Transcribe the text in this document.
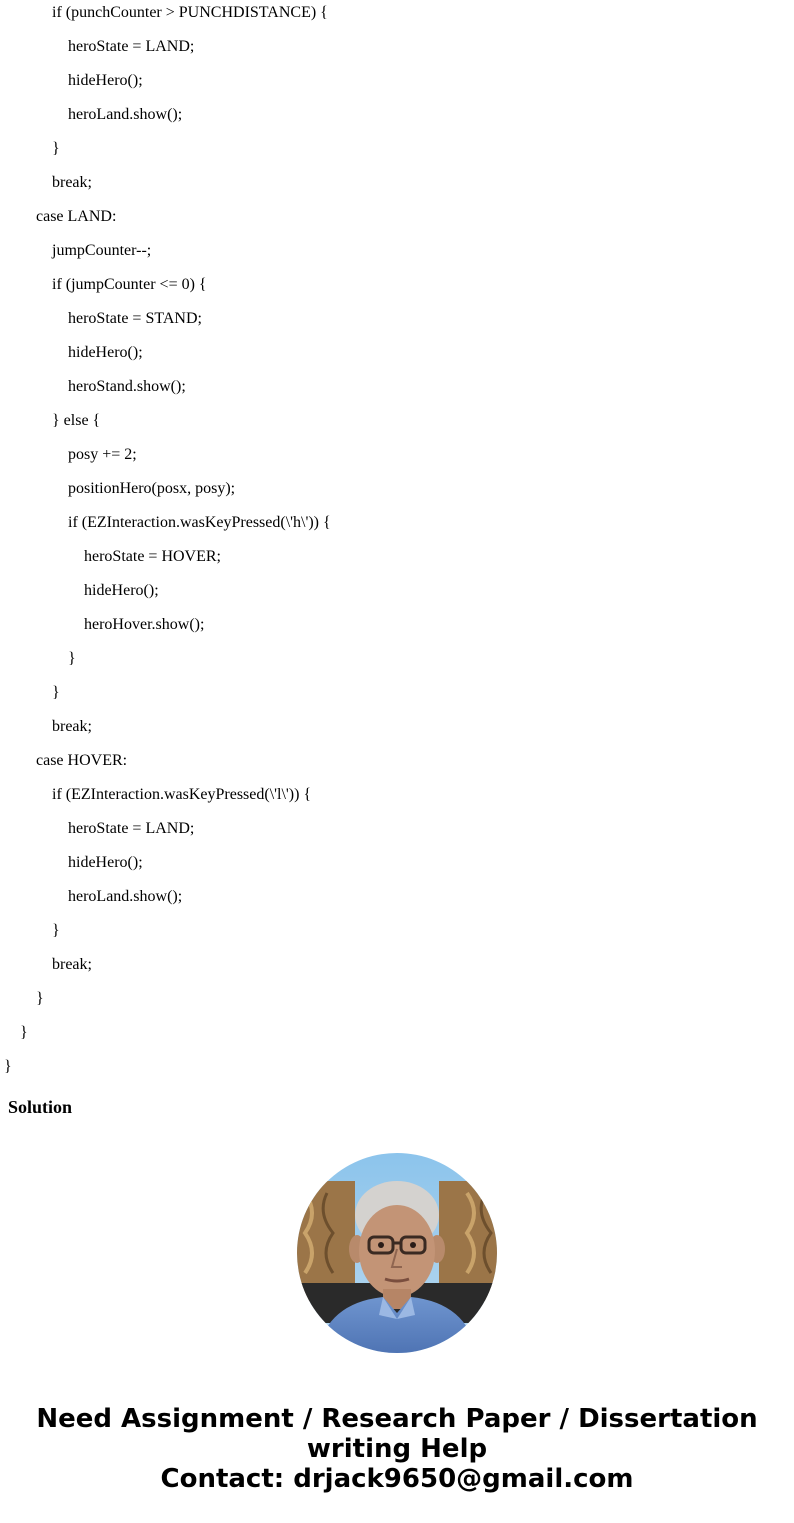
if (punchCounter > PUNCHDISTANCE) {
heroState = LAND;
hideHero();
heroLand.show();
}
break;
case LAND:
jumpCounter--;
if (jumpCounter <= 0) {
heroState = STAND;
hideHero();
heroStand.show();
} else {
posy += 2;
positionHero(posx, posy);
if (EZInteraction.wasKeyPressed(\'h\')) {
heroState = HOVER;
hideHero();
heroHover.show();
}
}
break;
case HOVER:
if (EZInteraction.wasKeyPressed(\'l\')) {
heroState = LAND;
hideHero();
heroLand.show();
}
break;
}
}
}
Solution
Need Assignment / Research Paper / Dissertation
writing Help
Contact: drjack9650@gmail.com
